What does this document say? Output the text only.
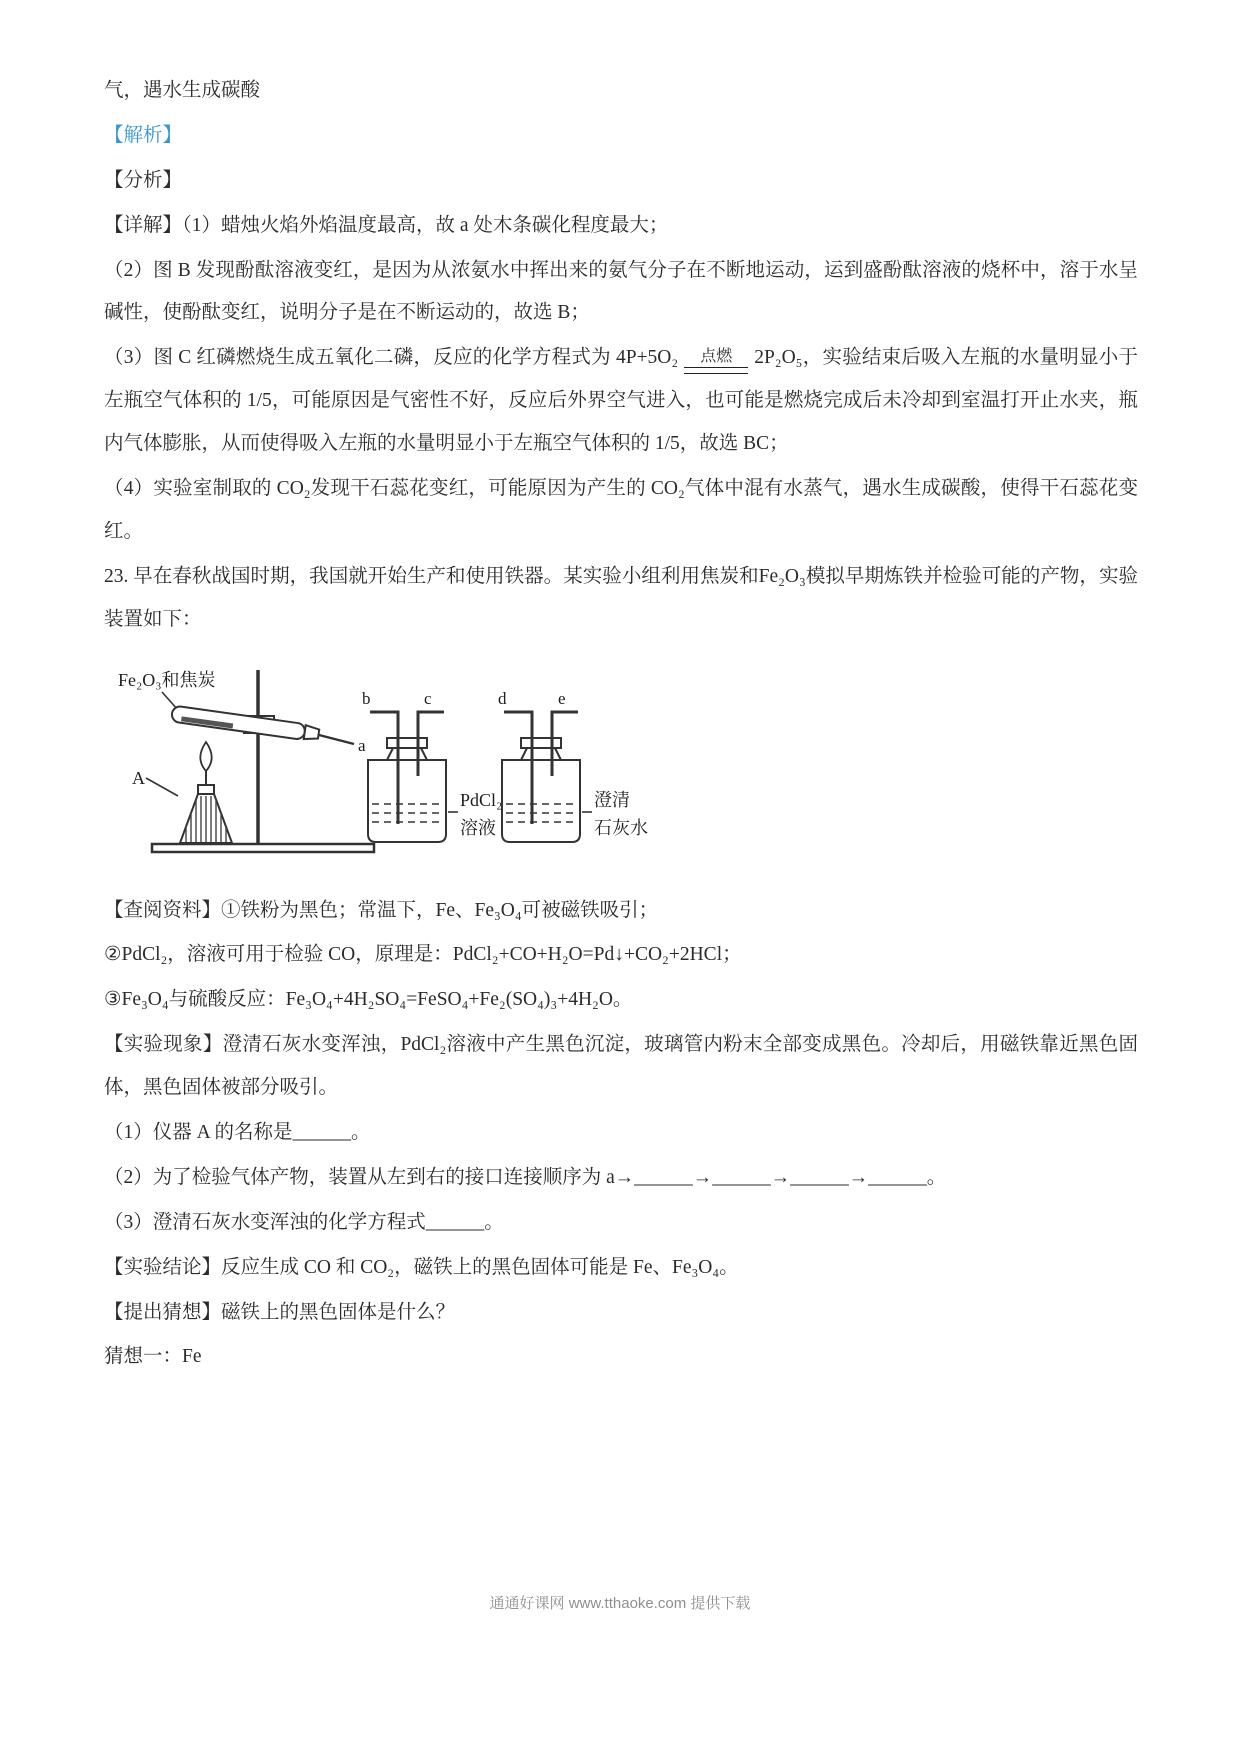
气，遇水生成碳酸

【解析】

【分析】

【详解】（1）蜡烛火焰外焰温度最高，故 a 处木条碳化程度最大；

（2）图 B 发现酚酞溶液变红，是因为从浓氨水中挥出来的氨气分子在不断地运动，运到盛酚酞溶液的烧杯中，溶于水呈碱性，使酚酞变红，说明分子是在不断运动的，故选 B；

（3）图 C 红磷燃烧生成五氧化二磷，反应的化学方程式为 4P+5O₂ 点燃 2P₂O₅，实验结束后吸入左瓶的水量明显小于左瓶空气体积的 1/5，可能原因是气密性不好，反应后外界空气进入，也可能是燃烧完成后未冷却到室温打开止水夹，瓶内气体膨胀，从而使得吸入左瓶的水量明显小于左瓶空气体积的 1/5，故选 BC；

（4）实验室制取的 CO₂发现干石蕊花变红，可能原因为产生的 CO₂气体中混有水蒸气，遇水生成碳酸，使得干石蕊花变红。

23. 早在春秋战国时期，我国就开始生产和使用铁器。某实验小组利用焦炭和Fe₂O₃模拟早期炼铁并检验可能的产物，实验装置如下：

Fe₂O₃和焦炭
a
A
b	c
PdCl₂
溶液
d	e
澄清
石灰水

【查阅资料】①铁粉为黑色；常温下，Fe、Fe₃O₄可被磁铁吸引；

②PdCl₂，溶液可用于检验 CO，原理是：PdCl₂+CO+H₂O=Pd↓+CO₂+2HCl；

③Fe₃O₄与硫酸反应：Fe₃O₄+4H₂SO₄=FeSO₄+Fe₂(SO₄)₃+4H₂O。

【实验现象】澄清石灰水变浑浊，PdCl₂溶液中产生黑色沉淀，玻璃管内粉末全部变成黑色。冷却后，用磁铁靠近黑色固体，黑色固体被部分吸引。

（1）仪器 A 的名称是______。

（2）为了检验气体产物，装置从左到右的接口连接顺序为 a→______→______→______→______。

（3）澄清石灰水变浑浊的化学方程式______。

【实验结论】反应生成 CO 和 CO₂，磁铁上的黑色固体可能是 Fe、Fe₃O₄。

【提出猜想】磁铁上的黑色固体是什么？

猜想一：Fe

通通好课网 www.tthaoke.com 提供下载
